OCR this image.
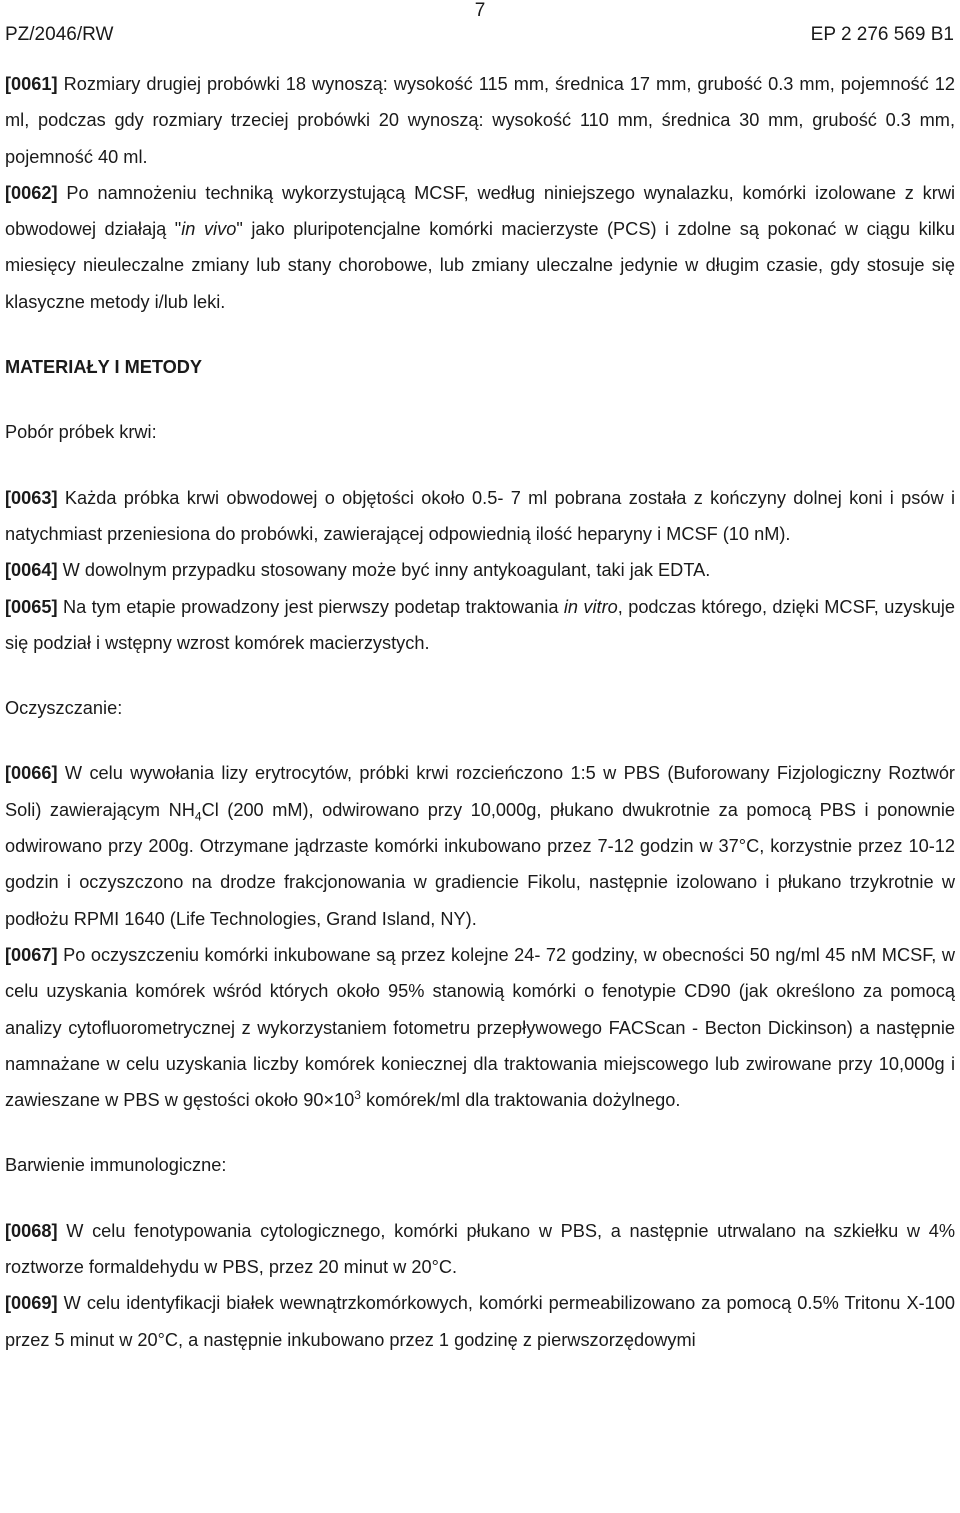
7
PZ/2046/RW	EP 2 276 569 B1

[0061] Rozmiary drugiej probówki 18 wynoszą: wysokość 115 mm, średnica 17 mm, grubość 0.3 mm, pojemność 12 ml, podczas gdy rozmiary trzeciej probówki 20 wynoszą: wysokość 110 mm, średnica 30 mm, grubość 0.3 mm, pojemność 40 ml.

[0062] Po namnożeniu techniką wykorzystującą MCSF, według niniejszego wynalazku, komórki izolowane z krwi obwodowej działają "in vivo" jako pluripotencjalne komórki macierzyste (PCS) i zdolne są pokonać w ciągu kilku miesięcy nieuleczalne zmiany lub stany chorobowe, lub zmiany uleczalne jedynie w długim czasie, gdy stosuje się klasyczne metody i/lub leki.

MATERIAŁY I METODY

Pobór próbek krwi:

[0063] Każda próbka krwi obwodowej o objętości około 0.5- 7 ml pobrana została z kończyny dolnej koni i psów i natychmiast przeniesiona do probówki, zawierającej odpowiednią ilość heparyny i MCSF (10 nM).

[0064] W dowolnym przypadku stosowany może być inny antykoagulant, taki jak EDTA.

[0065] Na tym etapie prowadzony jest pierwszy podetap traktowania in vitro, podczas którego, dzięki MCSF, uzyskuje się podział i wstępny wzrost komórek macierzystych.

Oczyszczanie:

[0066] W celu wywołania lizy erytrocytów, próbki krwi rozcieńczono 1:5 w PBS (Buforowany Fizjologiczny Roztwór Soli) zawierającym $NH_4Cl$ (200 mM), odwirowano przy 10,000g, płukano dwukrotnie za pomocą PBS i ponownie odwirowano przy 200g. Otrzymane jądrzaste komórki inkubowano przez 7-12 godzin w 37°C, korzystnie przez 10-12 godzin i oczyszczono na drodze frakcjonowania w gradiencie Fikolu, następnie izolowano i płukano trzykrotnie w podłożu RPMI 1640 (Life Technologies, Grand Island, NY).

[0067] Po oczyszczeniu komórki inkubowane są przez kolejne 24- 72 godziny, w obecności 50 ng/ml 45 nM MCSF, w celu uzyskania komórek wśród których około 95% stanowią komórki o fenotypie CD90 (jak określono za pomocą analizy cytofluorometrycznej z wykorzystaniem fotometru przepływowego FACScan - Becton Dickinson) a następnie namnażane w celu uzyskania liczby komórek koniecznej dla traktowania miejscowego lub zwirowane przy 10,000g i zawieszane w PBS w gęstości około $90\times 10^3$ komórek/ml dla traktowania dożylnego.

Barwienie immunologiczne:

[0068] W celu fenotypowania cytologicznego, komórki płukano w PBS, a następnie utrwalano na szkiełku w 4% roztworze formaldehydu w PBS, przez 20 minut w 20°C.

[0069] W celu identyfikacji białek wewnątrzkomórkowych, komórki permeabilizowano za pomocą 0.5% Tritonu X-100 przez 5 minut w 20°C, a następnie inkubowano przez 1 godzinę z pierwszorzędowymi
